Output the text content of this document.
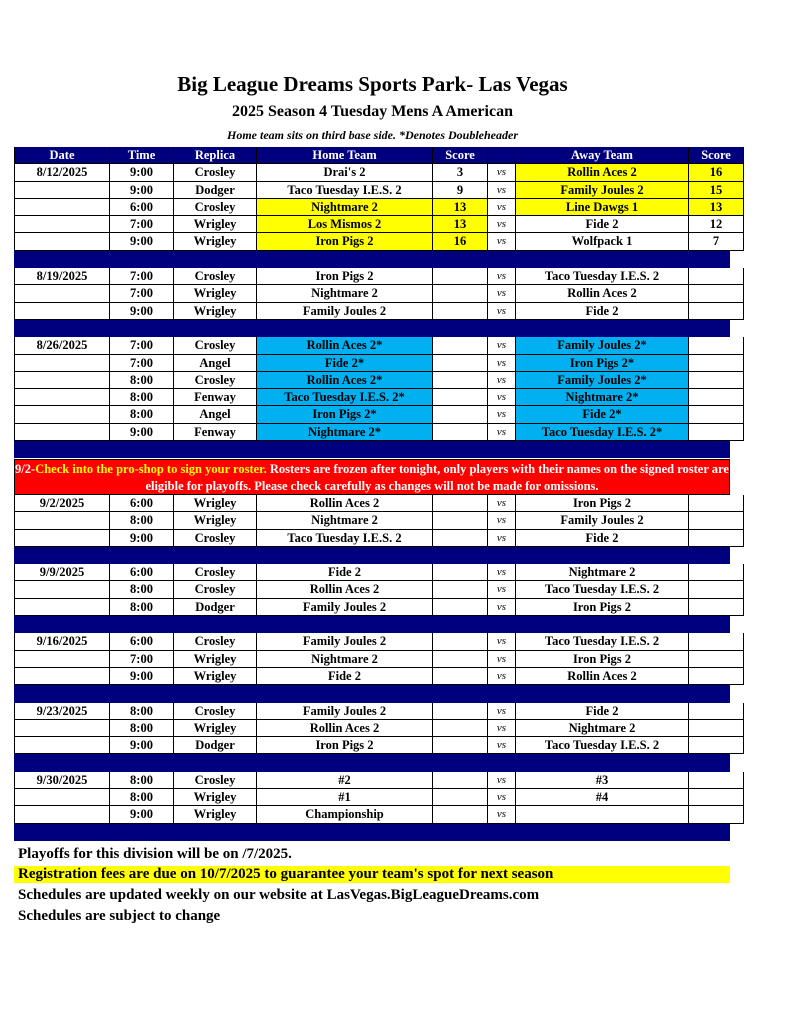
Big League Dreams Sports Park- Las Vegas
2025 Season 4 Tuesday Mens A American
Home team sits on third base side. *Denotes Doubleheader
Date	Time	Replica	Home Team	Score	Away Team	Score
8/12/2025	9:00	Crosley	Drai's 2	3	vs	Rollin Aces 2	16
9:00	Dodger	Taco Tuesday I.E.S. 2	9	vs	Family Joules 2	15
6:00	Crosley	Nightmare 2	13	vs	Line Dawgs 1	13
7:00	Wrigley	Los Mismos 2	13	vs	Fide 2	12
9:00	Wrigley	Iron Pigs 2	16	vs	Wolfpack 1	7
8/19/2025	7:00	Crosley	Iron Pigs 2	vs	Taco Tuesday I.E.S. 2
7:00	Wrigley	Nightmare 2	vs	Rollin Aces 2
9:00	Wrigley	Family Joules 2	vs	Fide 2
8/26/2025	7:00	Crosley	Rollin Aces 2*	vs	Family Joules 2*
7:00	Angel	Fide 2*	vs	Iron Pigs 2*
8:00	Crosley	Rollin Aces 2*	vs	Family Joules 2*
8:00	Fenway	Taco Tuesday I.E.S. 2*	vs	Nightmare 2*
8:00	Angel	Iron Pigs 2*	vs	Fide 2*
9:00	Fenway	Nightmare 2*	vs	Taco Tuesday I.E.S. 2*
9/2-Check into the pro-shop to sign your roster. Rosters are frozen after tonight, only players with their names on the signed roster are eligible for playoffs. Please check carefully as changes will not be made for omissions.
9/2/2025	6:00	Wrigley	Rollin Aces 2	vs	Iron Pigs 2
8:00	Wrigley	Nightmare 2	vs	Family Joules 2
9:00	Crosley	Taco Tuesday I.E.S. 2	vs	Fide 2
9/9/2025	6:00	Crosley	Fide 2	vs	Nightmare 2
8:00	Crosley	Rollin Aces 2	vs	Taco Tuesday I.E.S. 2
8:00	Dodger	Family Joules 2	vs	Iron Pigs 2
9/16/2025	6:00	Crosley	Family Joules 2	vs	Taco Tuesday I.E.S. 2
7:00	Wrigley	Nightmare 2	vs	Iron Pigs 2
9:00	Wrigley	Fide 2	vs	Rollin Aces 2
9/23/2025	8:00	Crosley	Family Joules 2	vs	Fide 2
8:00	Wrigley	Rollin Aces 2	vs	Nightmare 2
9:00	Dodger	Iron Pigs 2	vs	Taco Tuesday I.E.S. 2
9/30/2025	8:00	Crosley	#2	vs	#3
8:00	Wrigley	#1	vs	#4
9:00	Wrigley	Championship	vs
Playoffs for this division will be on /7/2025.
Registration fees are due on 10/7/2025 to guarantee your team's spot for next season
Schedules are updated weekly on our website at LasVegas.BigLeagueDreams.com
Schedules are subject to change
